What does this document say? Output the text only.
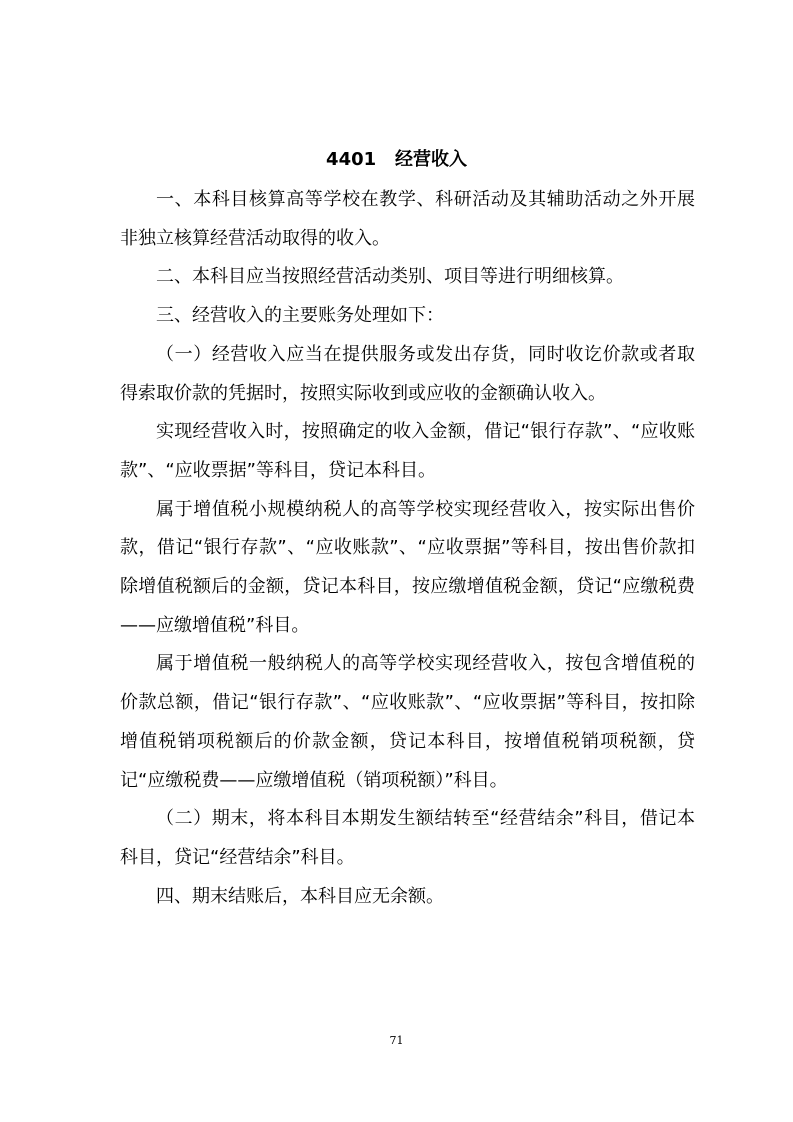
4401   经营收入

一、本科目核算高等学校在教学、科研活动及其辅助活动之外开展非独立核算经营活动取得的收入。

二、本科目应当按照经营活动类别、项目等进行明细核算。

三、经营收入的主要账务处理如下：

（一）经营收入应当在提供服务或发出存货，同时收讫价款或者取得索取价款的凭据时，按照实际收到或应收的金额确认收入。

实现经营收入时，按照确定的收入金额，借记“银行存款”、“应收账款”、“应收票据”等科目，贷记本科目。

属于增值税小规模纳税人的高等学校实现经营收入，按实际出售价款，借记“银行存款”、“应收账款”、“应收票据”等科目，按出售价款扣除增值税额后的金额，贷记本科目，按应缴增值税金额，贷记“应缴税费——应缴增值税”科目。

属于增值税一般纳税人的高等学校实现经营收入，按包含增值税的价款总额，借记“银行存款”、“应收账款”、“应收票据”等科目，按扣除增值税销项税额后的价款金额，贷记本科目，按增值税销项税额，贷记“应缴税费——应缴增值税（销项税额）”科目。

（二）期末，将本科目本期发生额结转至“经营结余”科目，借记本科目，贷记“经营结余”科目。

四、期末结账后，本科目应无余额。

71
